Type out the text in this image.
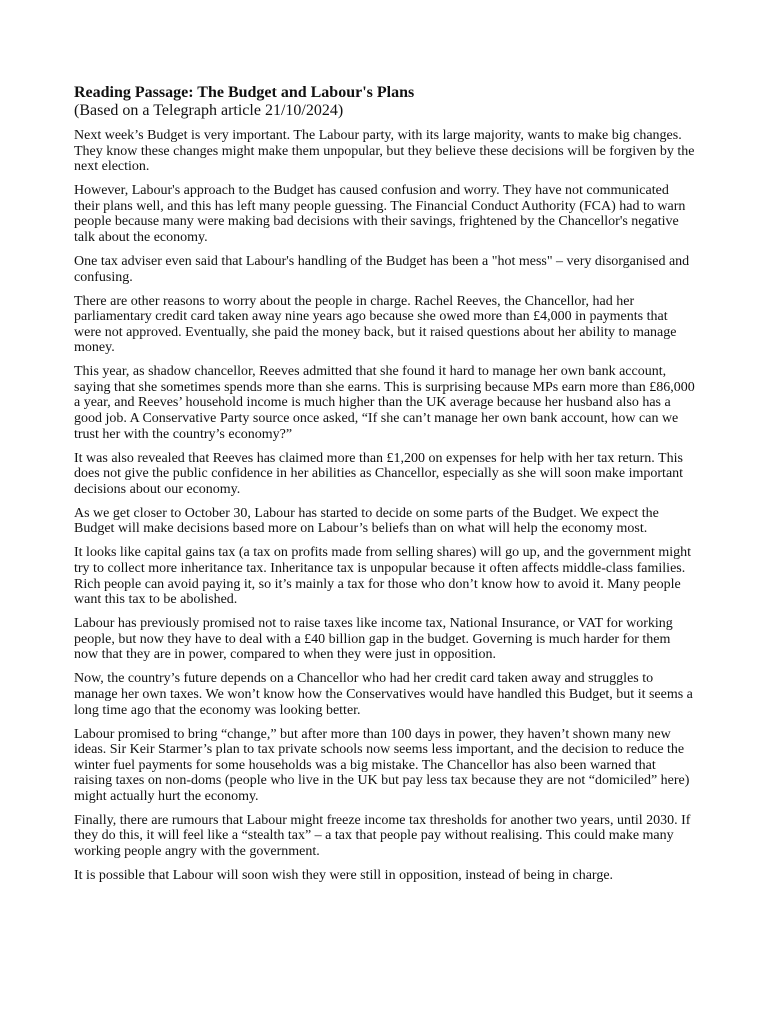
Reading Passage: The Budget and Labour's Plans
(Based on a Telegraph article 21/10/2024)

Next week’s Budget is very important. The Labour party, with its large majority, wants to make big changes. They know these changes might make them unpopular, but they believe these decisions will be forgiven by the next election.

However, Labour's approach to the Budget has caused confusion and worry. They have not communicated their plans well, and this has left many people guessing. The Financial Conduct Authority (FCA) had to warn people because many were making bad decisions with their savings, frightened by the Chancellor's negative talk about the economy.

One tax adviser even said that Labour's handling of the Budget has been a "hot mess" – very disorganised and confusing.

There are other reasons to worry about the people in charge. Rachel Reeves, the Chancellor, had her parliamentary credit card taken away nine years ago because she owed more than £4,000 in payments that were not approved. Eventually, she paid the money back, but it raised questions about her ability to manage money.

This year, as shadow chancellor, Reeves admitted that she found it hard to manage her own bank account, saying that she sometimes spends more than she earns. This is surprising because MPs earn more than £86,000 a year, and Reeves’ household income is much higher than the UK average because her husband also has a good job. A Conservative Party source once asked, “If she can’t manage her own bank account, how can we trust her with the country’s economy?”

It was also revealed that Reeves has claimed more than £1,200 on expenses for help with her tax return. This does not give the public confidence in her abilities as Chancellor, especially as she will soon make important decisions about our economy.

As we get closer to October 30, Labour has started to decide on some parts of the Budget. We expect the Budget will make decisions based more on Labour’s beliefs than on what will help the economy most.

It looks like capital gains tax (a tax on profits made from selling shares) will go up, and the government might try to collect more inheritance tax. Inheritance tax is unpopular because it often affects middle-class families. Rich people can avoid paying it, so it’s mainly a tax for those who don’t know how to avoid it. Many people want this tax to be abolished.

Labour has previously promised not to raise taxes like income tax, National Insurance, or VAT for working people, but now they have to deal with a £40 billion gap in the budget. Governing is much harder for them now that they are in power, compared to when they were just in opposition.

Now, the country’s future depends on a Chancellor who had her credit card taken away and struggles to manage her own taxes. We won’t know how the Conservatives would have handled this Budget, but it seems a long time ago that the economy was looking better.

Labour promised to bring “change,” but after more than 100 days in power, they haven’t shown many new ideas. Sir Keir Starmer’s plan to tax private schools now seems less important, and the decision to reduce the winter fuel payments for some households was a big mistake. The Chancellor has also been warned that raising taxes on non-doms (people who live in the UK but pay less tax because they are not “domiciled” here) might actually hurt the economy.

Finally, there are rumours that Labour might freeze income tax thresholds for another two years, until 2030. If they do this, it will feel like a “stealth tax” – a tax that people pay without realising. This could make many working people angry with the government.

It is possible that Labour will soon wish they were still in opposition, instead of being in charge.
